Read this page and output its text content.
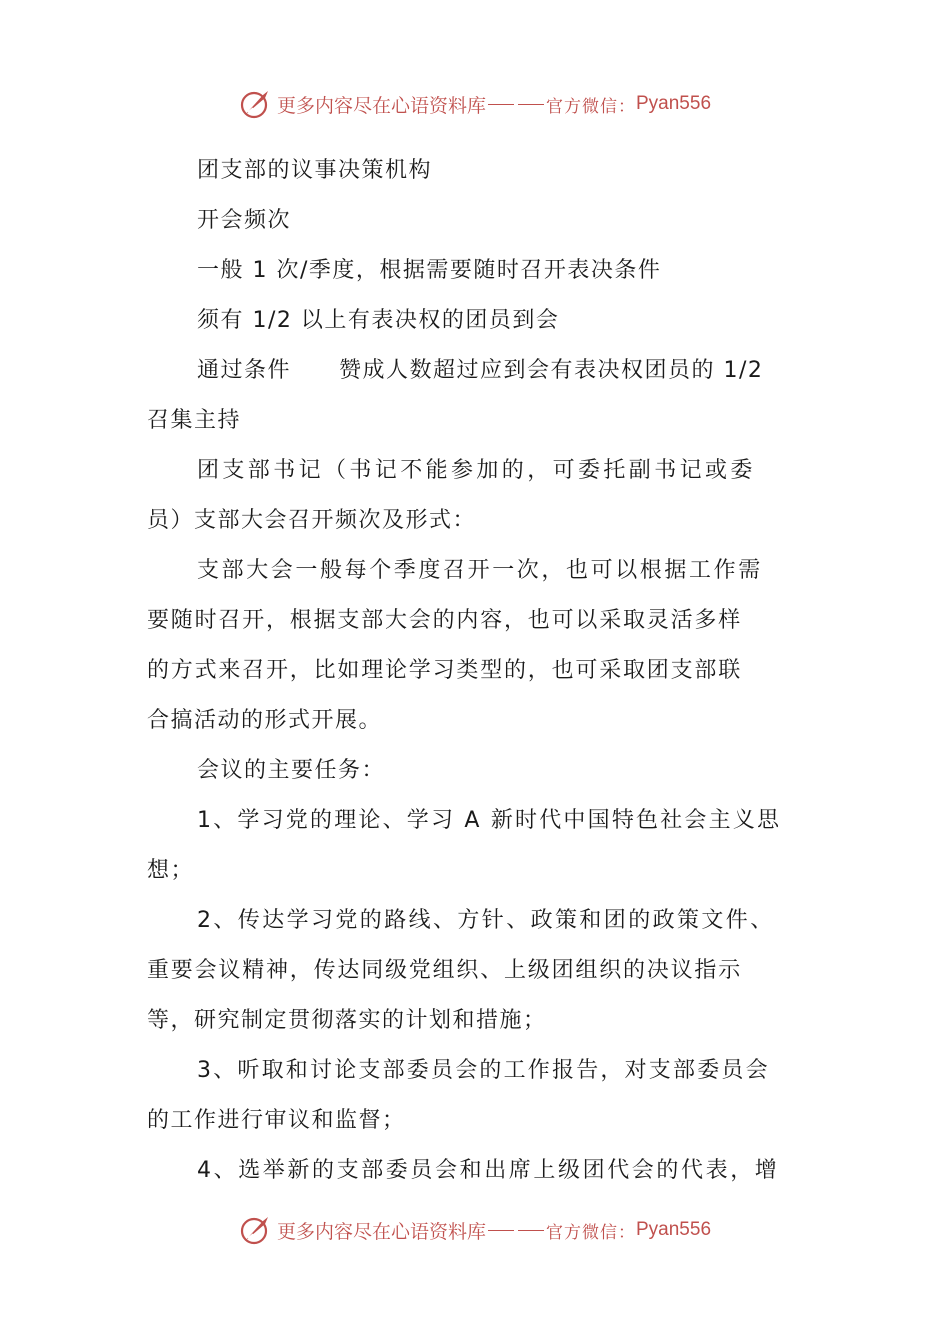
更多内容尽在心语资料库	官方微信： Pyan556
团支部的议事决策机构
开会频次
一般 1 次/季度，根据需要随时召开表决条件
须有 1/2 以上有表决权的团员到会
通过条件 赞成人数超过应到会有表决权团员的 1/2
召集主持
团支部书记（书记不能参加的，可委托副书记或委
员）支部大会召开频次及形式：
支部大会一般每个季度召开一次，也可以根据工作需
要随时召开，根据支部大会的内容，也可以采取灵活多样
的方式来召开，比如理论学习类型的，也可采取团支部联
合搞活动的形式开展。
会议的主要任务：
1、学习党的理论、学习 A 新时代中国特色社会主义思
想；
2、传达学习党的路线、方针、政策和团的政策文件、
重要会议精神，传达同级党组织、上级团组织的决议指示
等，研究制定贯彻落实的计划和措施；
3、听取和讨论支部委员会的工作报告，对支部委员会
的工作进行审议和监督；
4、选举新的支部委员会和出席上级团代会的代表，增
更多内容尽在心语资料库	官方微信： Pyan556
